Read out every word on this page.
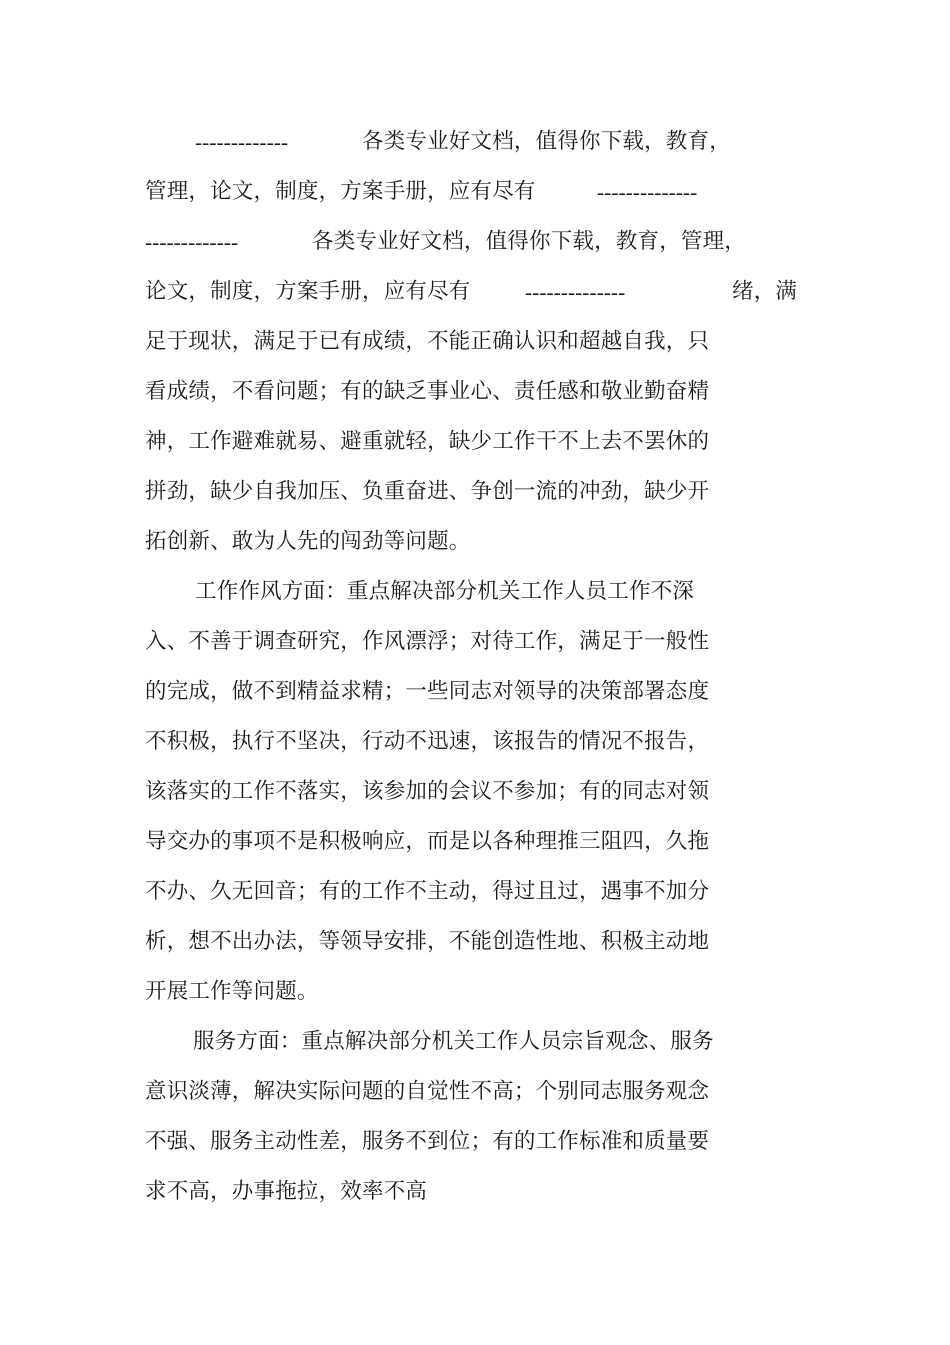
-------------	各类专业好文档，值得你下载，教育，
管理，论文，制度，方案手册，应有尽有	--------------
-------------	各类专业好文档，值得你下载，教育，管理，
论文，制度，方案手册，应有尽有	--------------	绪，满
足于现状，满足于已有成绩，不能正确认识和超越自我，只
看成绩，不看问题；有的缺乏事业心、责任感和敬业勤奋精
神，工作避难就易、避重就轻，缺少工作干不上去不罢休的
拼劲，缺少自我加压、负重奋进、争创一流的冲劲，缺少开
拓创新、敢为人先的闯劲等问题。
工作作风方面：重点解决部分机关工作人员工作不深
入、不善于调查研究，作风漂浮；对待工作，满足于一般性
的完成，做不到精益求精；一些同志对领导的决策部署态度
不积极，执行不坚决，行动不迅速，该报告的情况不报告，
该落实的工作不落实，该参加的会议不参加；有的同志对领
导交办的事项不是积极响应，而是以各种理推三阻四，久拖
不办、久无回音；有的工作不主动，得过且过，遇事不加分
析，想不出办法，等领导安排，不能创造性地、积极主动地
开展工作等问题。
服务方面：重点解决部分机关工作人员宗旨观念、服务
意识淡薄，解决实际问题的自觉性不高；个别同志服务观念
不强、服务主动性差，服务不到位；有的工作标准和质量要
求不高，办事拖拉，效率不高
